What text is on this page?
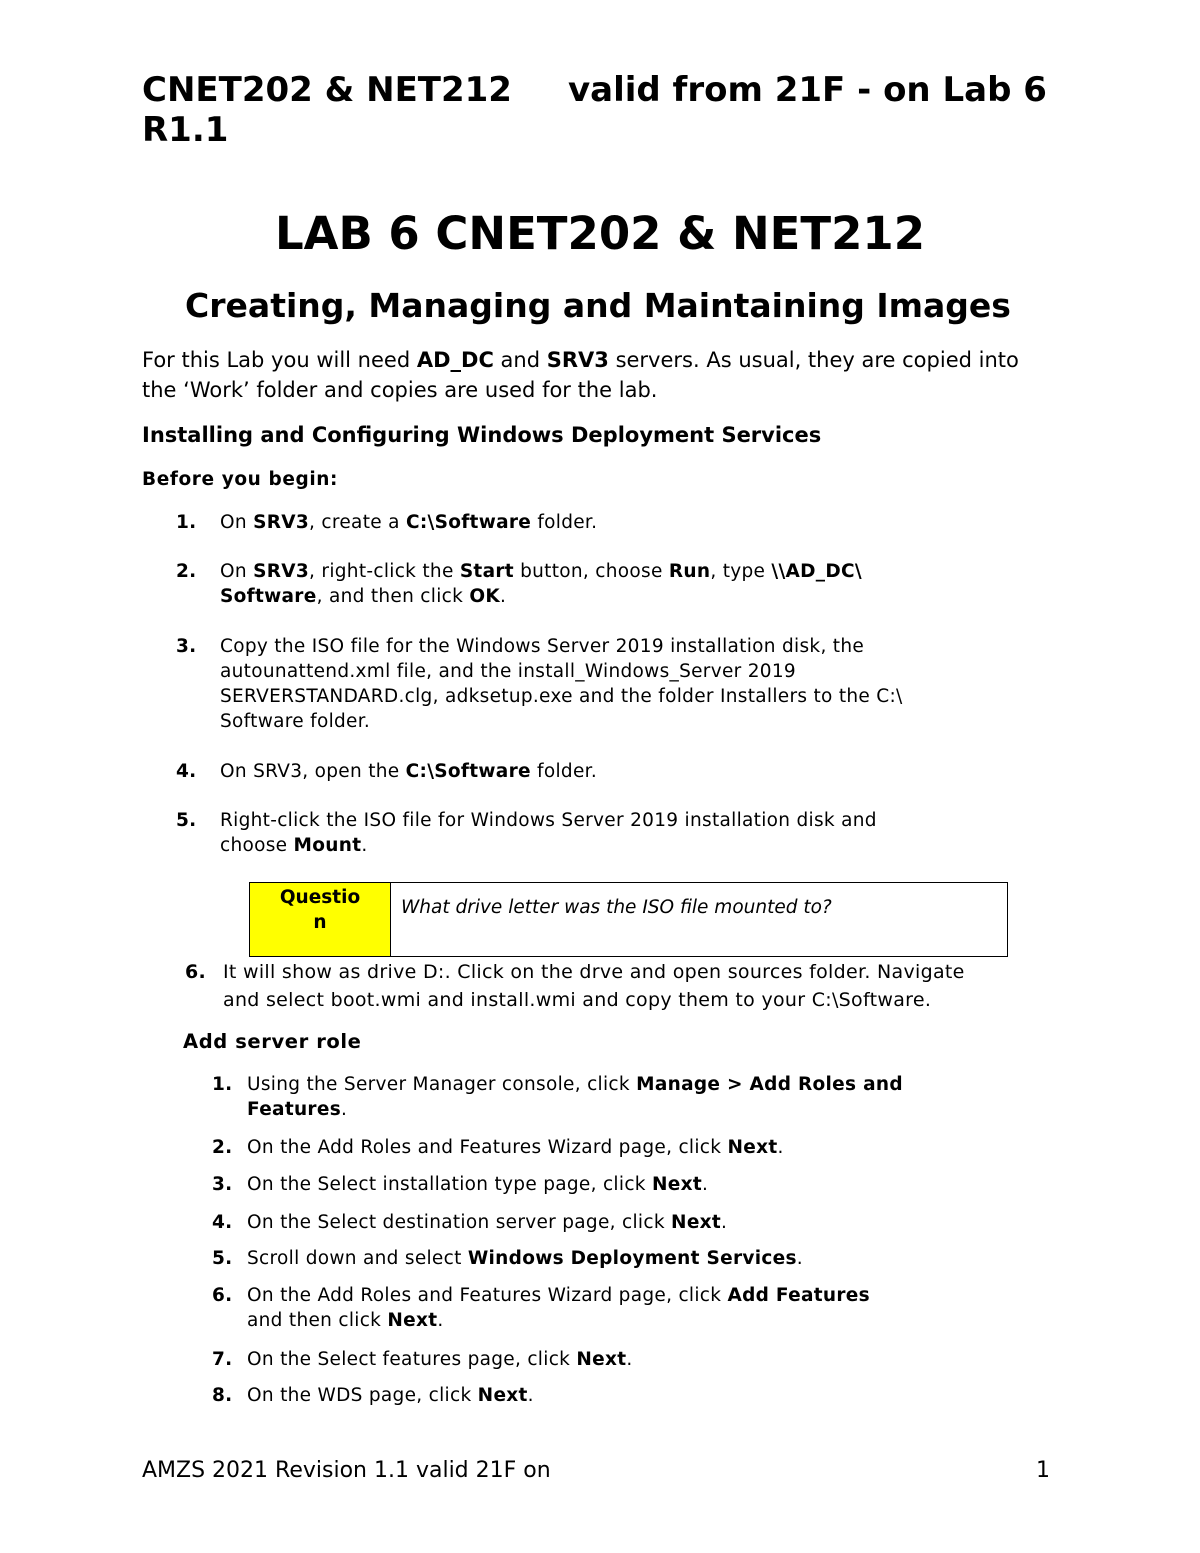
CNET202 & NET212 valid from 21F - on Lab 6 R1.1
LAB 6 CNET202 & NET212
Creating, Managing and Maintaining Images

For this Lab you will need AD_DC and SRV3 servers. As usual, they are copied into the ‘Work’ folder and copies are used for the lab.

Installing and Configuring Windows Deployment Services
Before you begin:
1. On SRV3, create a C:\Software folder.
2. On SRV3, right-click the Start button, choose Run, type \\AD_DC\
Software, and then click OK.
3. Copy the ISO file for the Windows Server 2019 installation disk, the
autounattend.xml file, and the install_Windows_Server 2019
SERVERSTANDARD.clg, adksetup.exe and the folder Installers to the C:\
Software folder.
4. On SRV3, open the C:\Software folder.
5. Right-click the ISO file for Windows Server 2019 installation disk and
choose Mount.
Questio
n
What drive letter was the ISO file mounted to?
6. It will show as drive D:. Click on the drve and open sources folder. Navigate
and select boot.wmi and install.wmi and copy them to your C:\Software.
Add server role
1. Using the Server Manager console, click Manage > Add Roles and
Features.
2. On the Add Roles and Features Wizard page, click Next.
3. On the Select installation type page, click Next.
4. On the Select destination server page, click Next.
5. Scroll down and select Windows Deployment Services.
6. On the Add Roles and Features Wizard page, click Add Features
and then click Next.
7. On the Select features page, click Next.
8. On the WDS page, click Next.
AMZS 2021 Revision 1.1 valid 21F on	1
